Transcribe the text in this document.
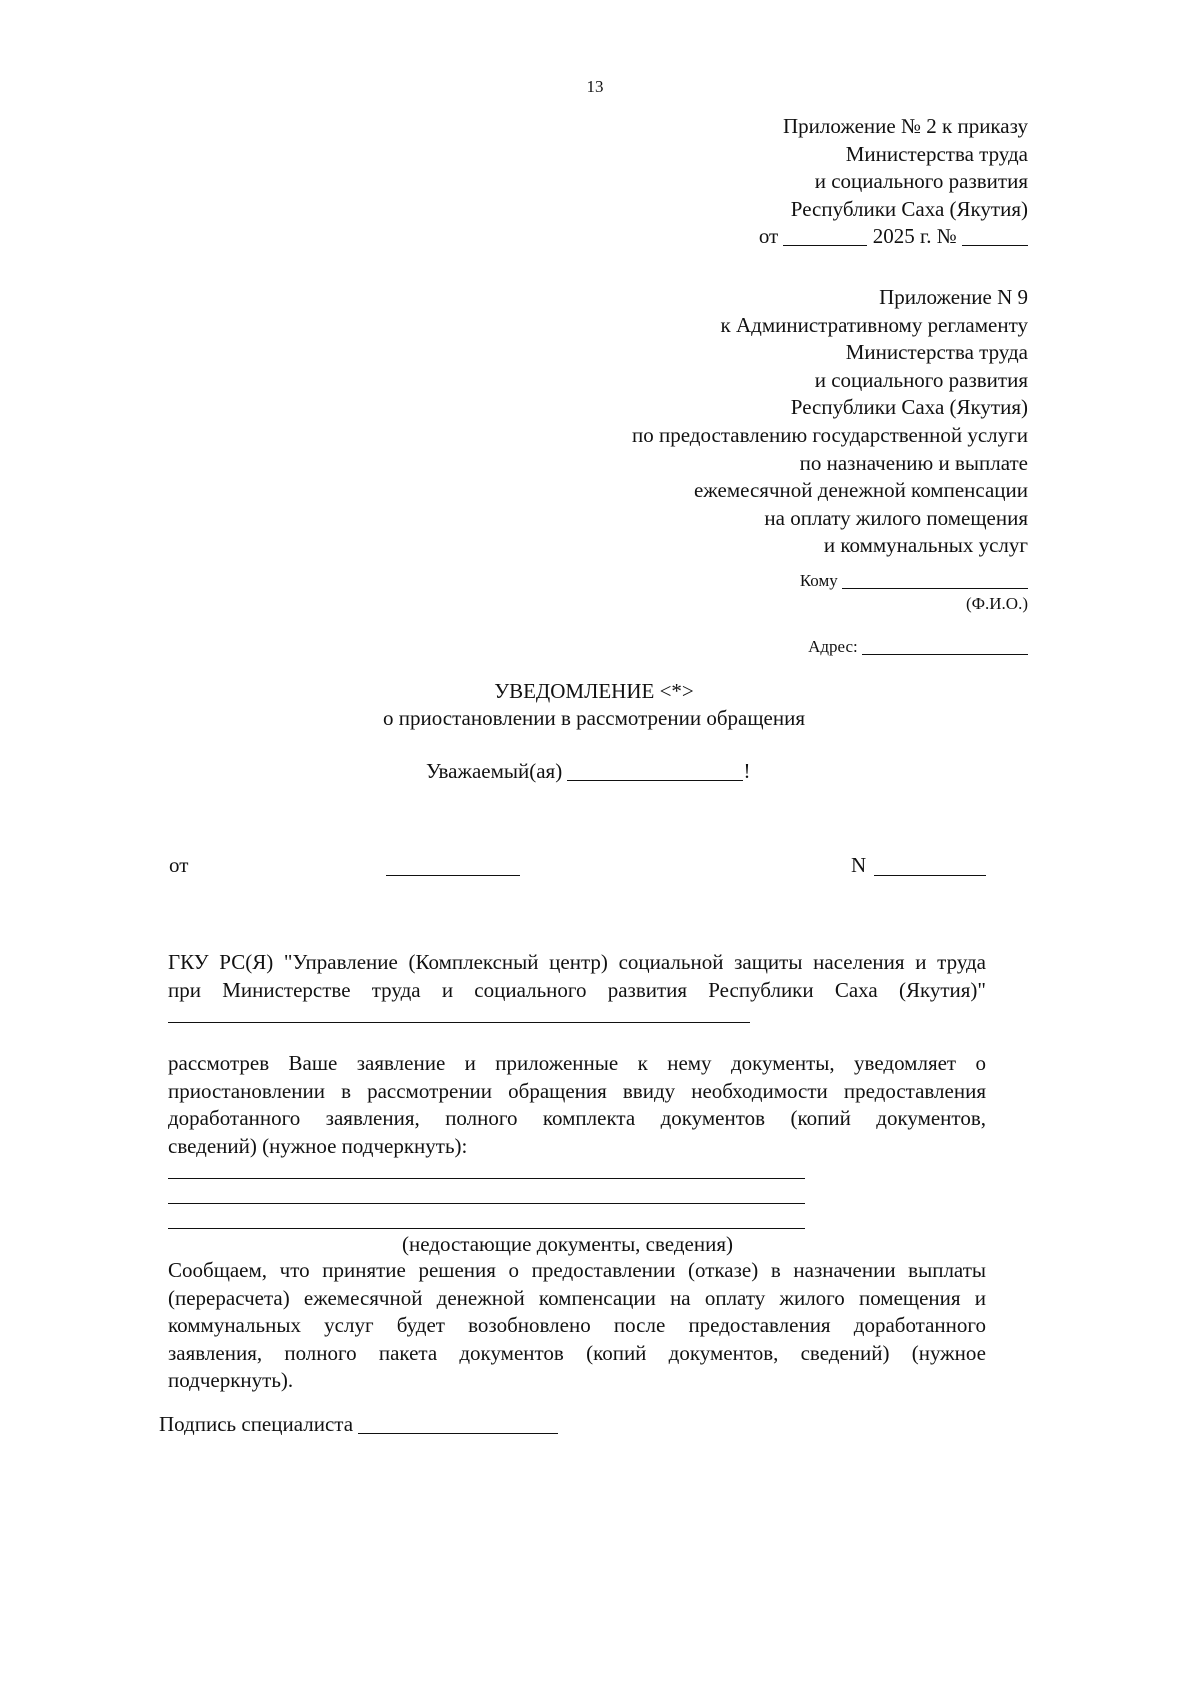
13

Приложение № 2 к приказу

Министерства труда

и социального развития

Республики Саха (Якутия)

от	2025 г. №

Приложение N 9

к Административному регламенту

Министерства труда

и социального развития

Республики Саха (Якутия)

по предоставлению государственной услуги

по назначению и выплате

ежемесячной денежной компенсации

на оплату жилого помещения

и коммунальных услуг

Кому
(Ф.И.О.)
Адрес:
УВЕДОМЛЕНИЕ <*>
о приостановлении в рассмотрении обращения
Уважаемый(ая)	!
от	N

ГКУ РС(Я) "Управление (Комплексный центр) социальной защиты населения и труда

при Министерстве труда и социального развития Республики Саха (Якутия)"

рассмотрев Ваше заявление и приложенные к нему документы, уведомляет о

приостановлении в рассмотрении обращения ввиду необходимости предоставления

доработанного заявления, полного комплекта документов (копий документов,

сведений) (нужное подчеркнуть):

(недостающие документы, сведения)

Сообщаем, что принятие решения о предоставлении (отказе) в назначении выплаты

(перерасчета) ежемесячной денежной компенсации на оплату жилого помещения и

коммунальных услуг будет возобновлено после предоставления доработанного

заявления, полного пакета документов (копий документов, сведений) (нужное

подчеркнуть).

Подпись специалиста
